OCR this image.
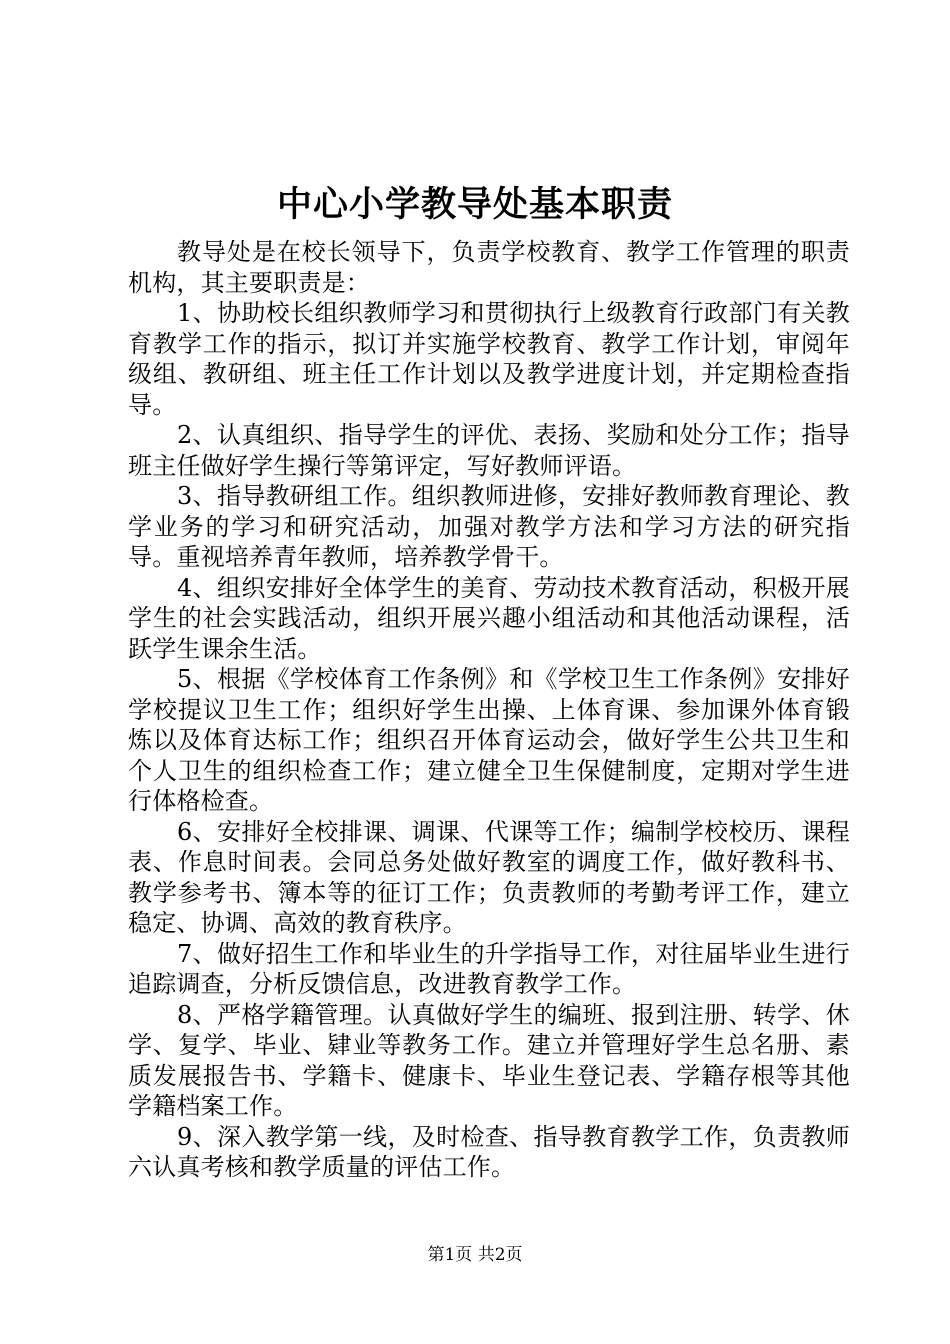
中心小学教导处基本职责

教导处是在校长领导下，负责学校教育、教学工作管理的职责机构，其主要职责是：

1、协助校长组织教师学习和贯彻执行上级教育行政部门有关教育教学工作的指示，拟订并实施学校教育、教学工作计划，审阅年级组、教研组、班主任工作计划以及教学进度计划，并定期检查指导。

2、认真组织、指导学生的评优、表扬、奖励和处分工作；指导班主任做好学生操行等第评定，写好教师评语。

3、指导教研组工作。组织教师进修，安排好教师教育理论、教学业务的学习和研究活动，加强对教学方法和学习方法的研究指导。重视培养青年教师，培养教学骨干。

4、组织安排好全体学生的美育、劳动技术教育活动，积极开展学生的社会实践活动，组织开展兴趣小组活动和其他活动课程，活跃学生课余生活。

5、根据《学校体育工作条例》和《学校卫生工作条例》安排好学校提议卫生工作；组织好学生出操、上体育课、参加课外体育锻炼以及体育达标工作；组织召开体育运动会，做好学生公共卫生和个人卫生的组织检查工作；建立健全卫生保健制度，定期对学生进行体格检查。

6、安排好全校排课、调课、代课等工作；编制学校校历、课程表、作息时间表。会同总务处做好教室的调度工作，做好教科书、教学参考书、簿本等的征订工作；负责教师的考勤考评工作，建立稳定、协调、高效的教育秩序。

7、做好招生工作和毕业生的升学指导工作，对往届毕业生进行追踪调查，分析反馈信息，改进教育教学工作。

8、严格学籍管理。认真做好学生的编班、报到注册、转学、休学、复学、毕业、肄业等教务工作。建立并管理好学生总名册、素质发展报告书、学籍卡、健康卡、毕业生登记表、学籍存根等其他学籍档案工作。

9、深入教学第一线，及时检查、指导教育教学工作，负责教师六认真考核和教学质量的评估工作。

第1页 共2页
